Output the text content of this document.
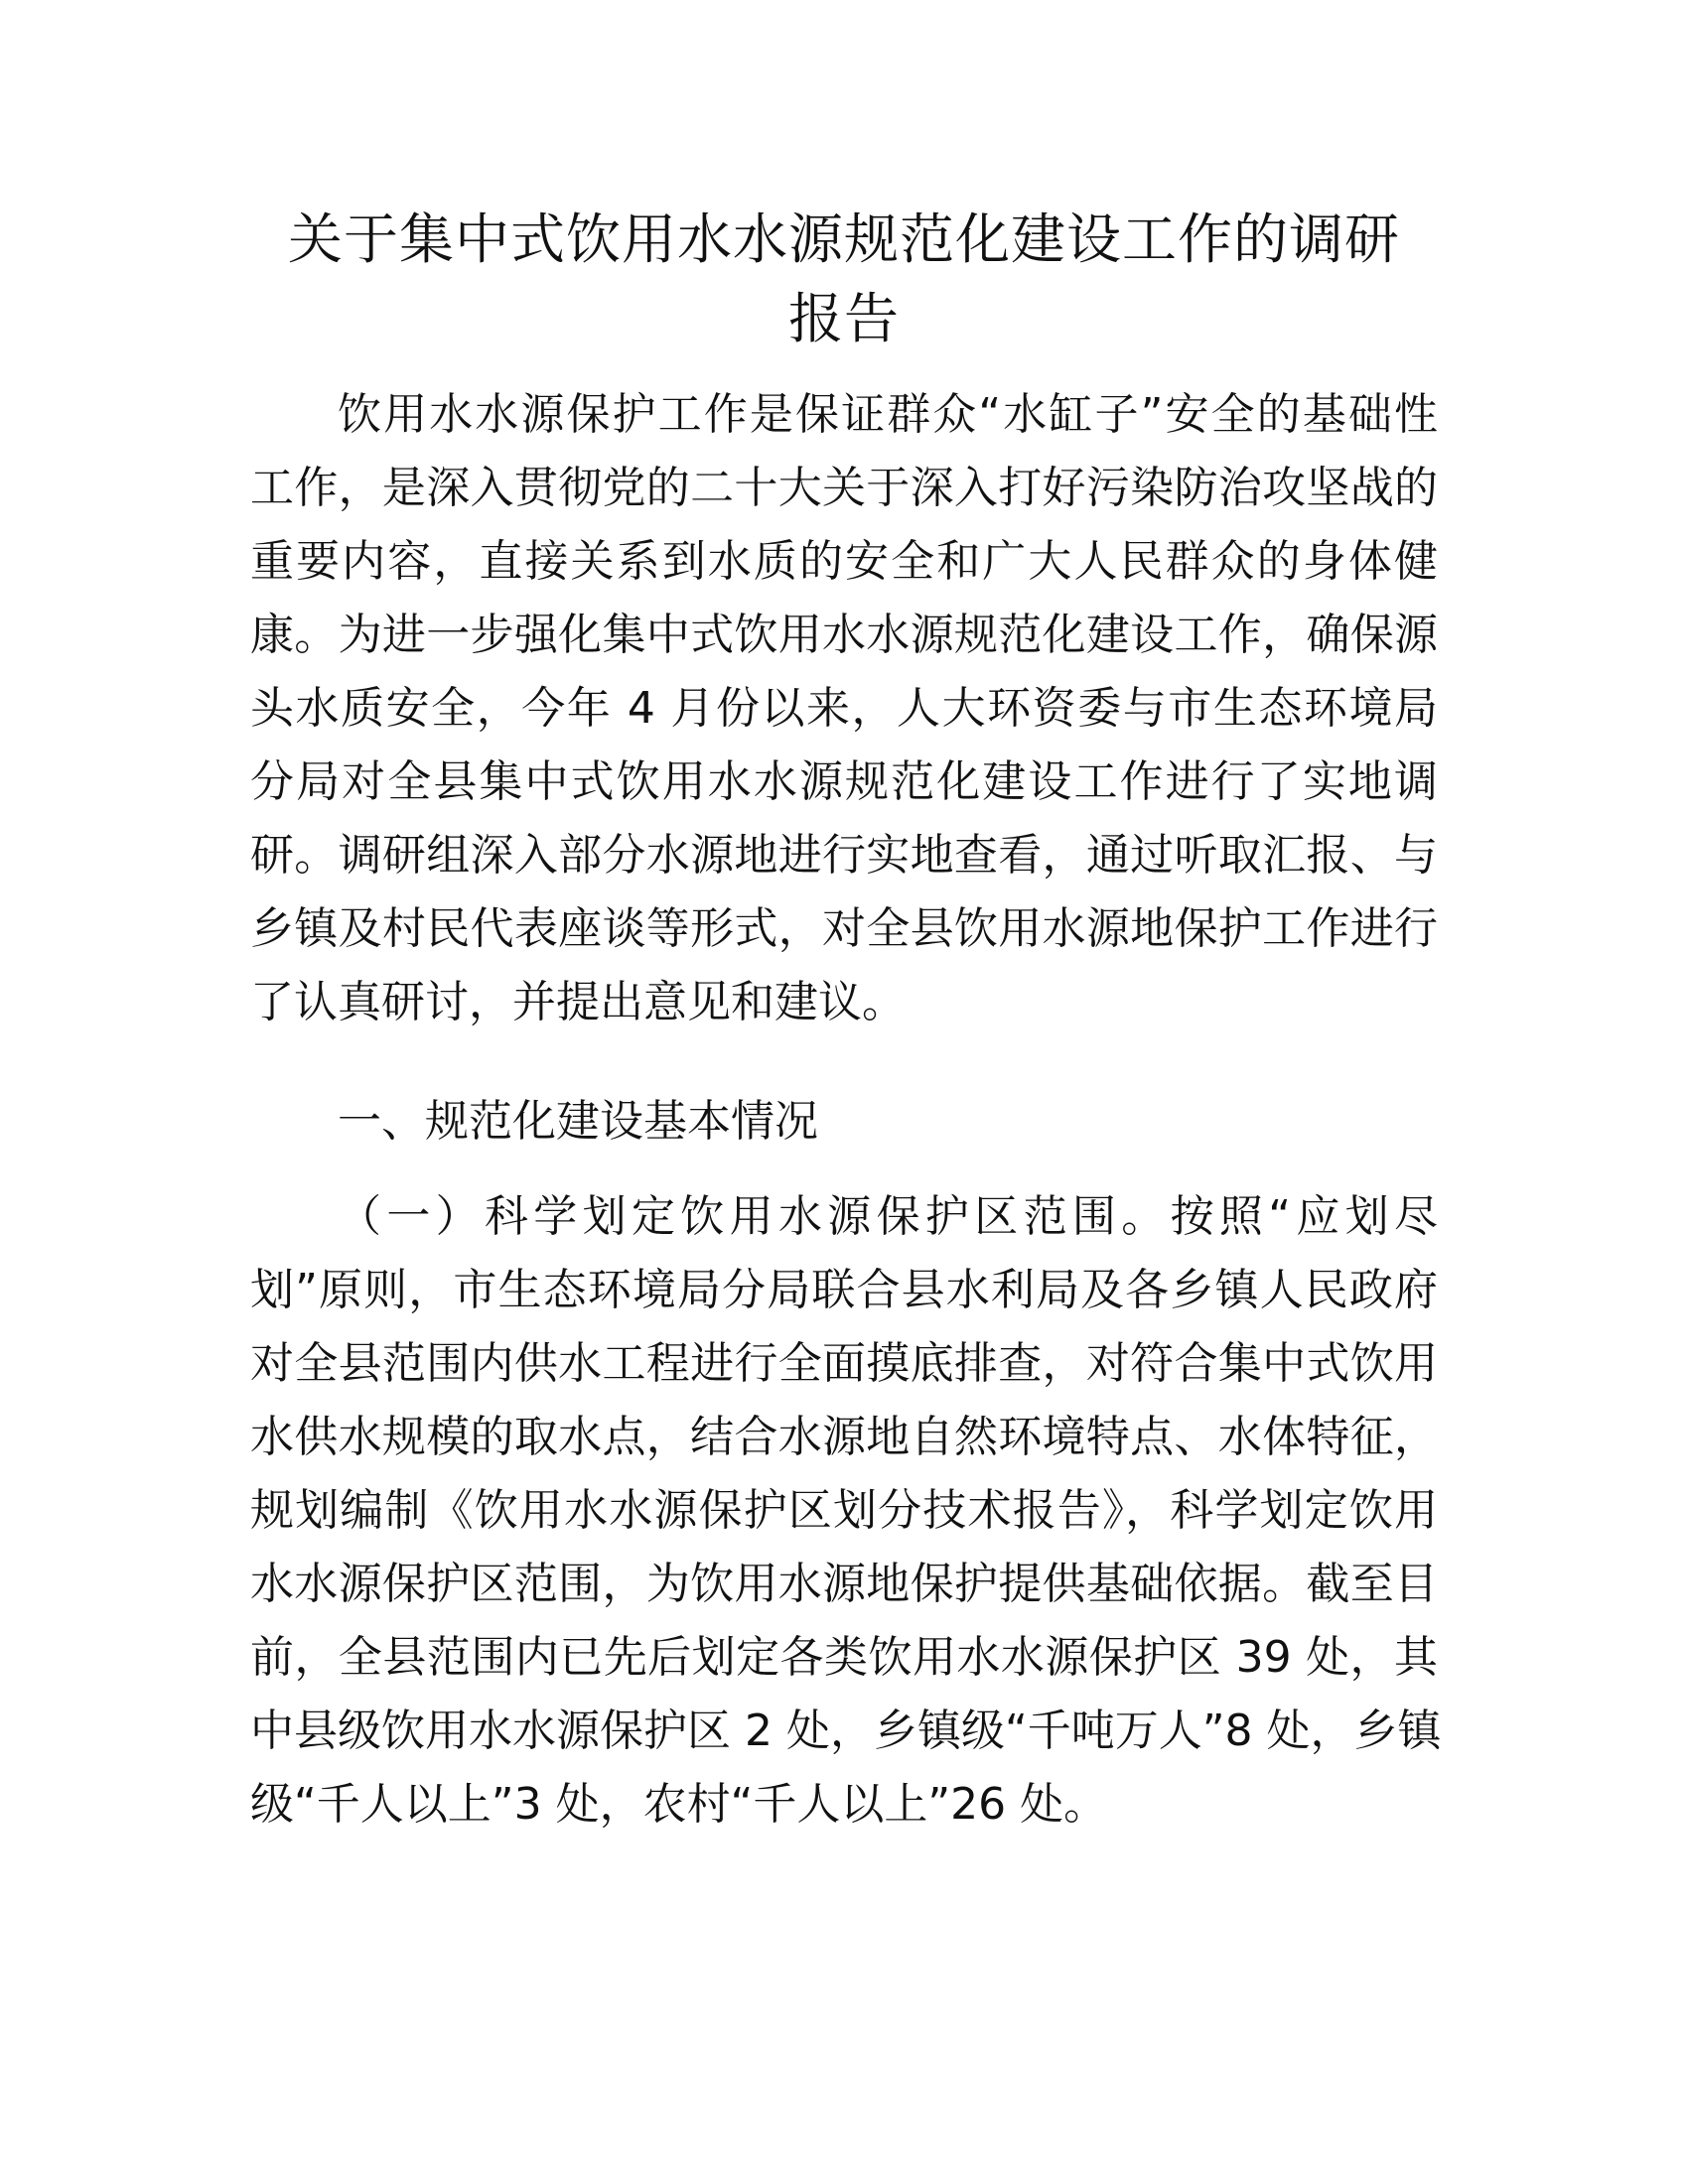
关于集中式饮用水水源规范化建设工作的调研
报告
饮用水水源保护工作是保证群众“水缸子”安全的基础性
工作，是深入贯彻党的二十大关于深入打好污染防治攻坚战的
重要内容，直接关系到水质的安全和广大人民群众的身体健
康。为进一步强化集中式饮用水水源规范化建设工作，确保源
头水质安全，今年 4 月份以来，人大环资委与市生态环境局
分局对全县集中式饮用水水源规范化建设工作进行了实地调
研。调研组深入部分水源地进行实地查看，通过听取汇报、与
乡镇及村民代表座谈等形式，对全县饮用水源地保护工作进行
了认真研讨，并提出意见和建议。
一、规范化建设基本情况
（一）科学划定饮用水源保护区范围。按照“应划尽
划”原则，市生态环境局分局联合县水利局及各乡镇人民政府
对全县范围内供水工程进行全面摸底排查，对符合集中式饮用
水供水规模的取水点，结合水源地自然环境特点、水体特征，
规划编制《饮用水水源保护区划分技术报告》，科学划定饮用
水水源保护区范围，为饮用水源地保护提供基础依据。截至目
前，全县范围内已先后划定各类饮用水水源保护区 39 处，其
中县级饮用水水源保护区 2 处，乡镇级“千吨万人”8 处，乡镇
级“千人以上”3 处，农村“千人以上”26 处。
